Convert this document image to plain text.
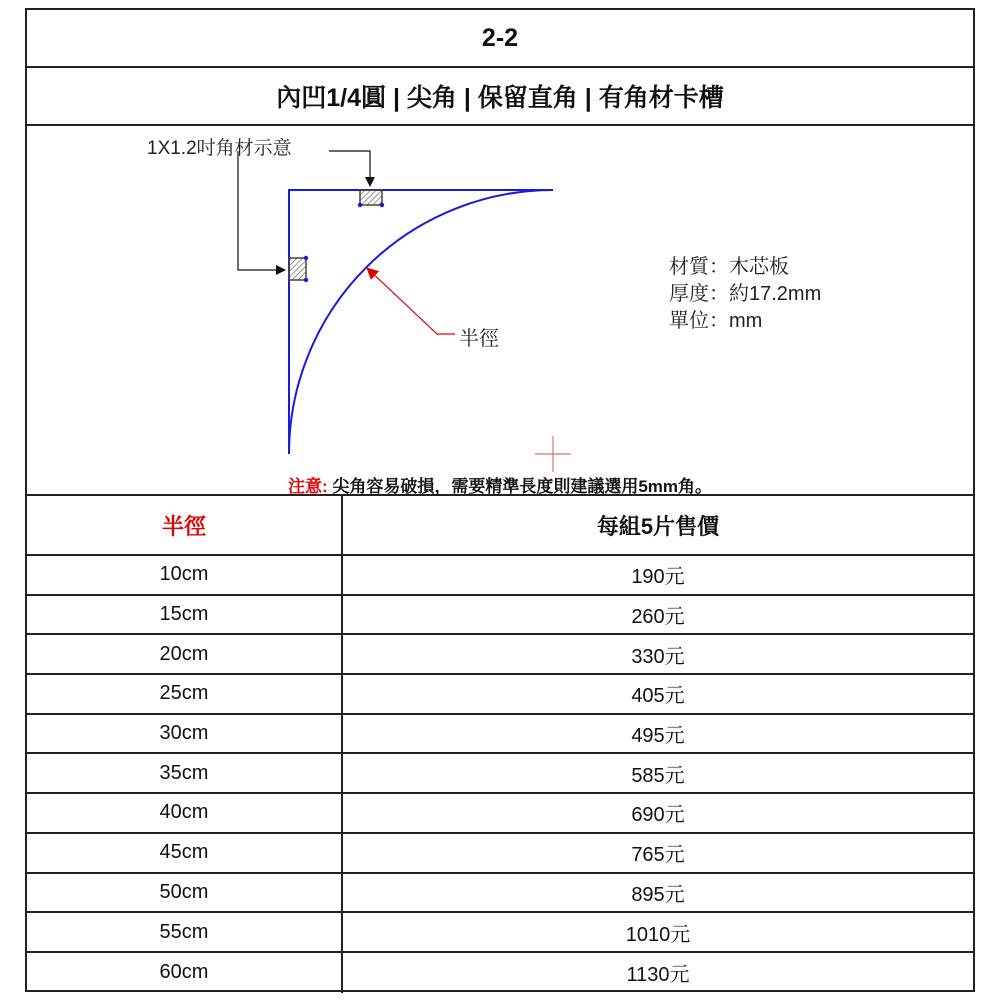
2-2
內凹1/4圓 | 尖角 | 保留直角 | 有角材卡槽
1X1.2吋角材示意
半徑
材質：木芯板
厚度：約17.2mm
單位：mm
注意: 尖角容易破損，需要精準長度則建議選用5mm角。
半徑	每組5片售價
10cm	190元
15cm	260元
20cm	330元
25cm	405元
30cm	495元
35cm	585元
40cm	690元
45cm	765元
50cm	895元
55cm	1010元
60cm	1130元
